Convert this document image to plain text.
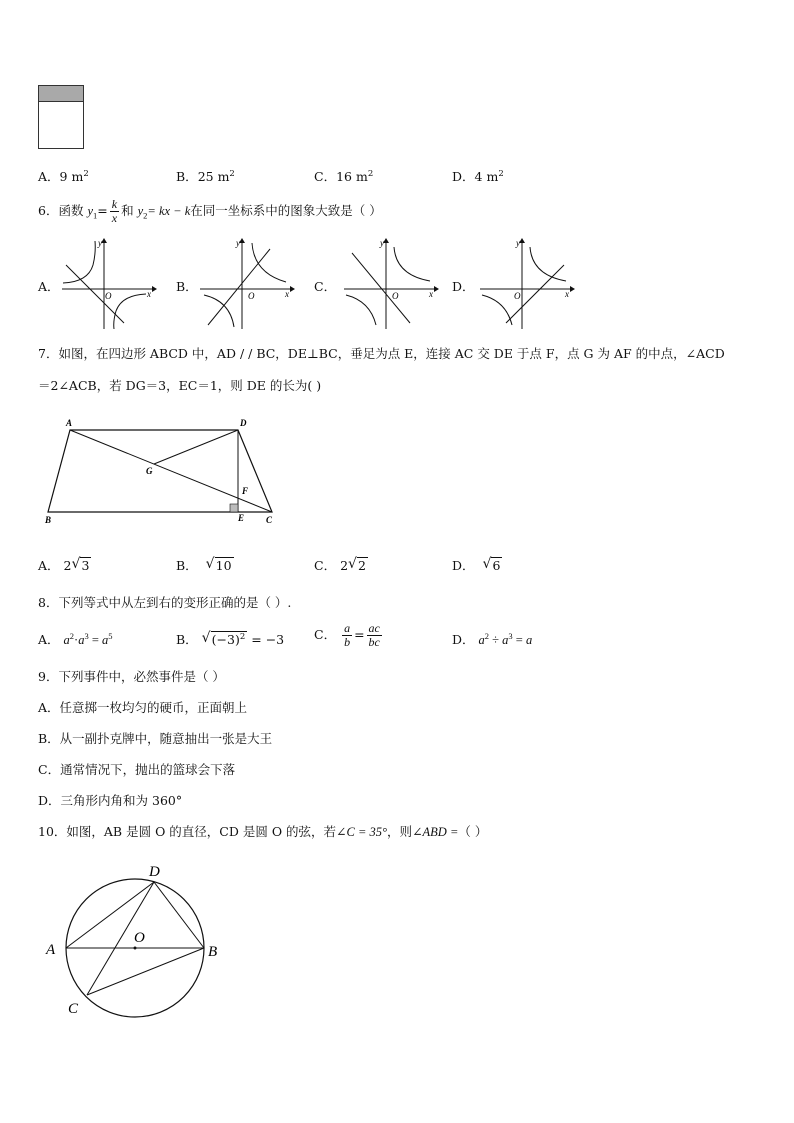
A．9 $m^2$	B．25 $m^2$	C．16 $m^2$	D．4 $m^2$
6．函数 $y_1= \frac{k}{x}$ 和 $y_2=$ kx − k在同一坐标系中的图象大致是（ ）
A．
y
x
O
B．
y
x
O
C．
y
x
O
D．
y
x
O
7．如图，在四边形 ABCD 中，AD / / BC，DE⊥BC，垂足为点 E，连接 AC 交 DE 于点 F，点 G 为 AF 的中点，∠ACD
＝2∠ACB，若 DG＝3，EC＝1，则 DE 的长为( )
A	D
B	C
E
F
G
A． 2 √ 3	B． √ 10	C． 2 √ 2	D． √ 6
8．下列等式中从左到右的变形正确的是（ ）.
A． $a^2\cdot a^3 = a^5$	B． √ $(-3)^2 = -3$ C． $\frac{a}{b} = \frac{ac}{bc}$	D． $a^2 \div a^3 = a$
9．下列事件中，必然事件是（ ）
A．任意掷一枚均匀的硬币，正面朝上
B．从一副扑克牌中，随意抽出一张是大王
C．通常情况下，抛出的篮球会下落
D．三角形内角和为 360°
10．如图，AB 是圆 O 的直径，CD 是圆 O 的弦，若∠C = 35°，则∠ABD =（ ）
D
A	B
C
O
